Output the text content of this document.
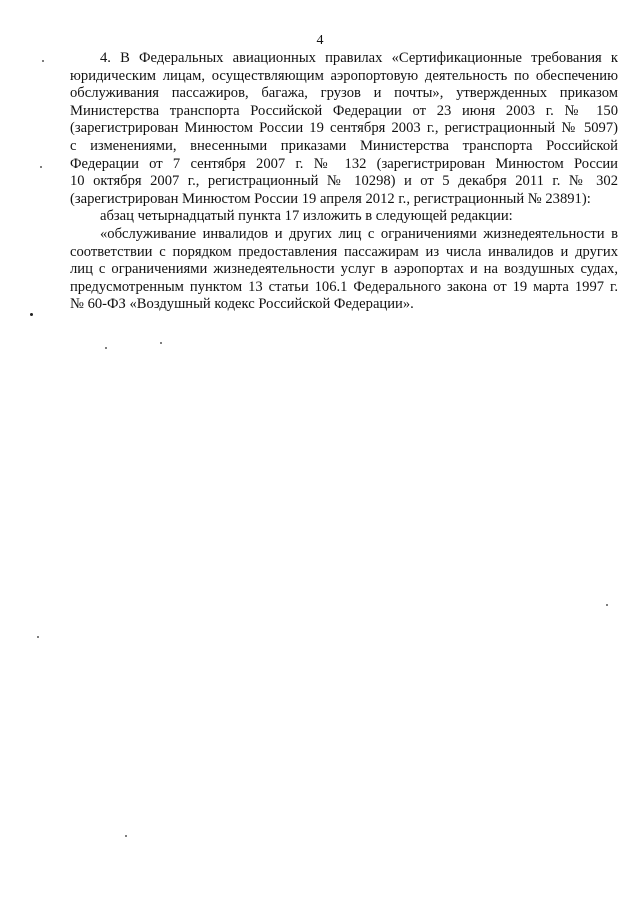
4
4. В Федеральных авиационных правилах «Сертификационные требования к
юридическим лицам, осуществляющим аэропортовую деятельность по обеспечению
обслуживания пассажиров, багажа, грузов и почты», утвержденных приказом
Министерства транспорта Российской Федерации от 23 июня 2003 г. № 150
(зарегистрирован Минюстом России 19 сентября 2003 г., регистрационный № 5097)
с изменениями, внесенными приказами Министерства транспорта Российской
Федерации от 7 сентября 2007 г. № 132 (зарегистрирован Минюстом России
10 октября 2007 г., регистрационный № 10298) и от 5 декабря 2011 г. № 302
(зарегистрирован Минюстом России 19 апреля 2012 г., регистрационный № 23891):
абзац четырнадцатый пункта 17 изложить в следующей редакции:
«обслуживание инвалидов и других лиц с ограничениями жизнедеятельности в
соответствии с порядком предоставления пассажирам из числа инвалидов и других
лиц с ограничениями жизнедеятельности услуг в аэропортах и на воздушных судах,
предусмотренным пунктом 13 статьи 106.1 Федерального закона от 19 марта 1997 г.
№ 60-ФЗ «Воздушный кодекс Российской Федерации».
